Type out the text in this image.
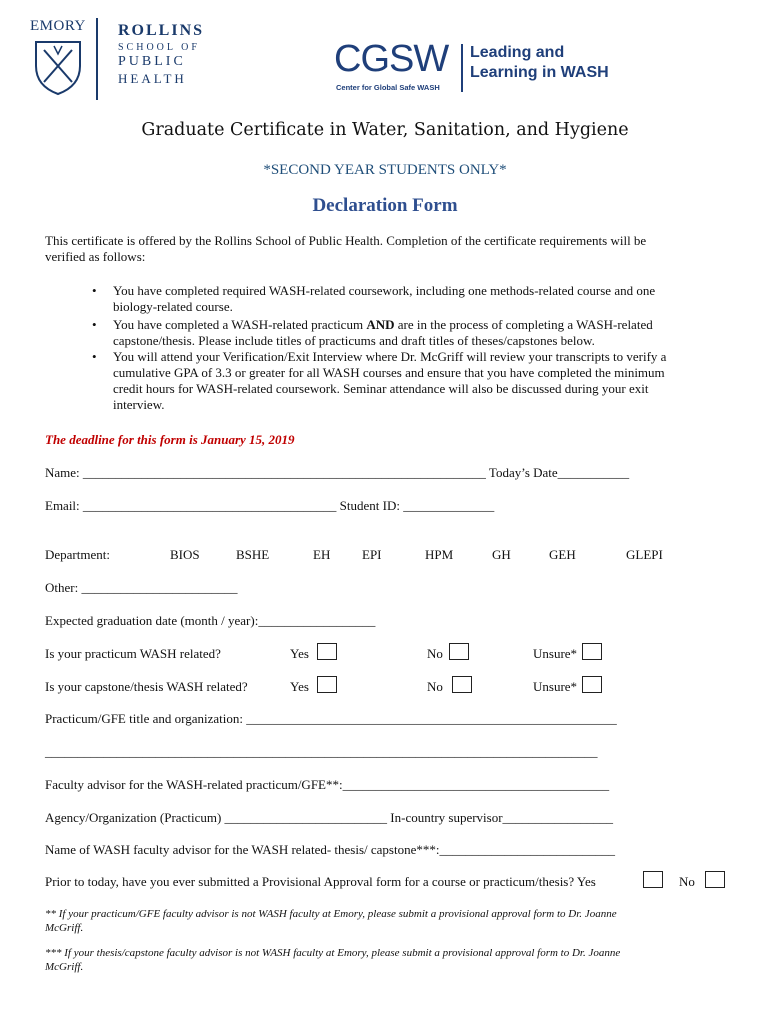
EMORY ROLLINS
SCHOOL OF
PUBLIC
HEALTH	CGSW
Center for Global Safe WASH
Leading and
Learning in WASH
Graduate Certificate in Water, Sanitation, and Hygiene
*SECOND YEAR STUDENTS ONLY*
Declaration Form
This certificate is offered by the Rollins School of Public Health. Completion of the certificate requirements will be
verified as follows:
• You have completed required WASH-related coursework, including one methods-related course and one
biology-related course.
• You have completed a WASH-related practicum AND are in the process of completing a WASH-related
capstone/thesis. Please include titles of practicums and draft titles of theses/capstones below.
• You will attend your Verification/Exit Interview where Dr. McGriff will review your transcripts to verify a
cumulative GPA of 3.3 or greater for all WASH courses and ensure that you have completed the minimum
credit hours for WASH-related coursework. Seminar attendance will also be discussed during your exit
interview.
The deadline for this form is January 15, 2019
Name: ______________________________________________________________ Today’s Date___________
Email: _______________________________________ Student ID: ______________
Department:	BIOS	BSHE	EH EPI	HPM	GH	GEH	GLEPI
Other: ________________________
Expected graduation date (month / year):__________________
Is your practicum WASH related?	Yes	No	Unsure*
Is your capstone/thesis WASH related?	Yes	No	Unsure*
Practicum/GFE title and organization: _________________________________________________________
_____________________________________________________________________________________
Faculty advisor for the WASH-related practicum/GFE**:_________________________________________
Agency/Organization (Practicum) _________________________ In-country supervisor_________________
Name of WASH faculty advisor for the WASH related- thesis/ capstone***:___________________________
Prior to today, have you ever submitted a Provisional Approval form for a course or practicum/thesis? Yes	No
** If your practicum/GFE faculty advisor is not WASH faculty at Emory, please submit a provisional approval form to Dr. Joanne
McGriff.
*** If your thesis/capstone faculty advisor is not WASH faculty at Emory, please submit a provisional approval form to Dr. Joanne
McGriff.
